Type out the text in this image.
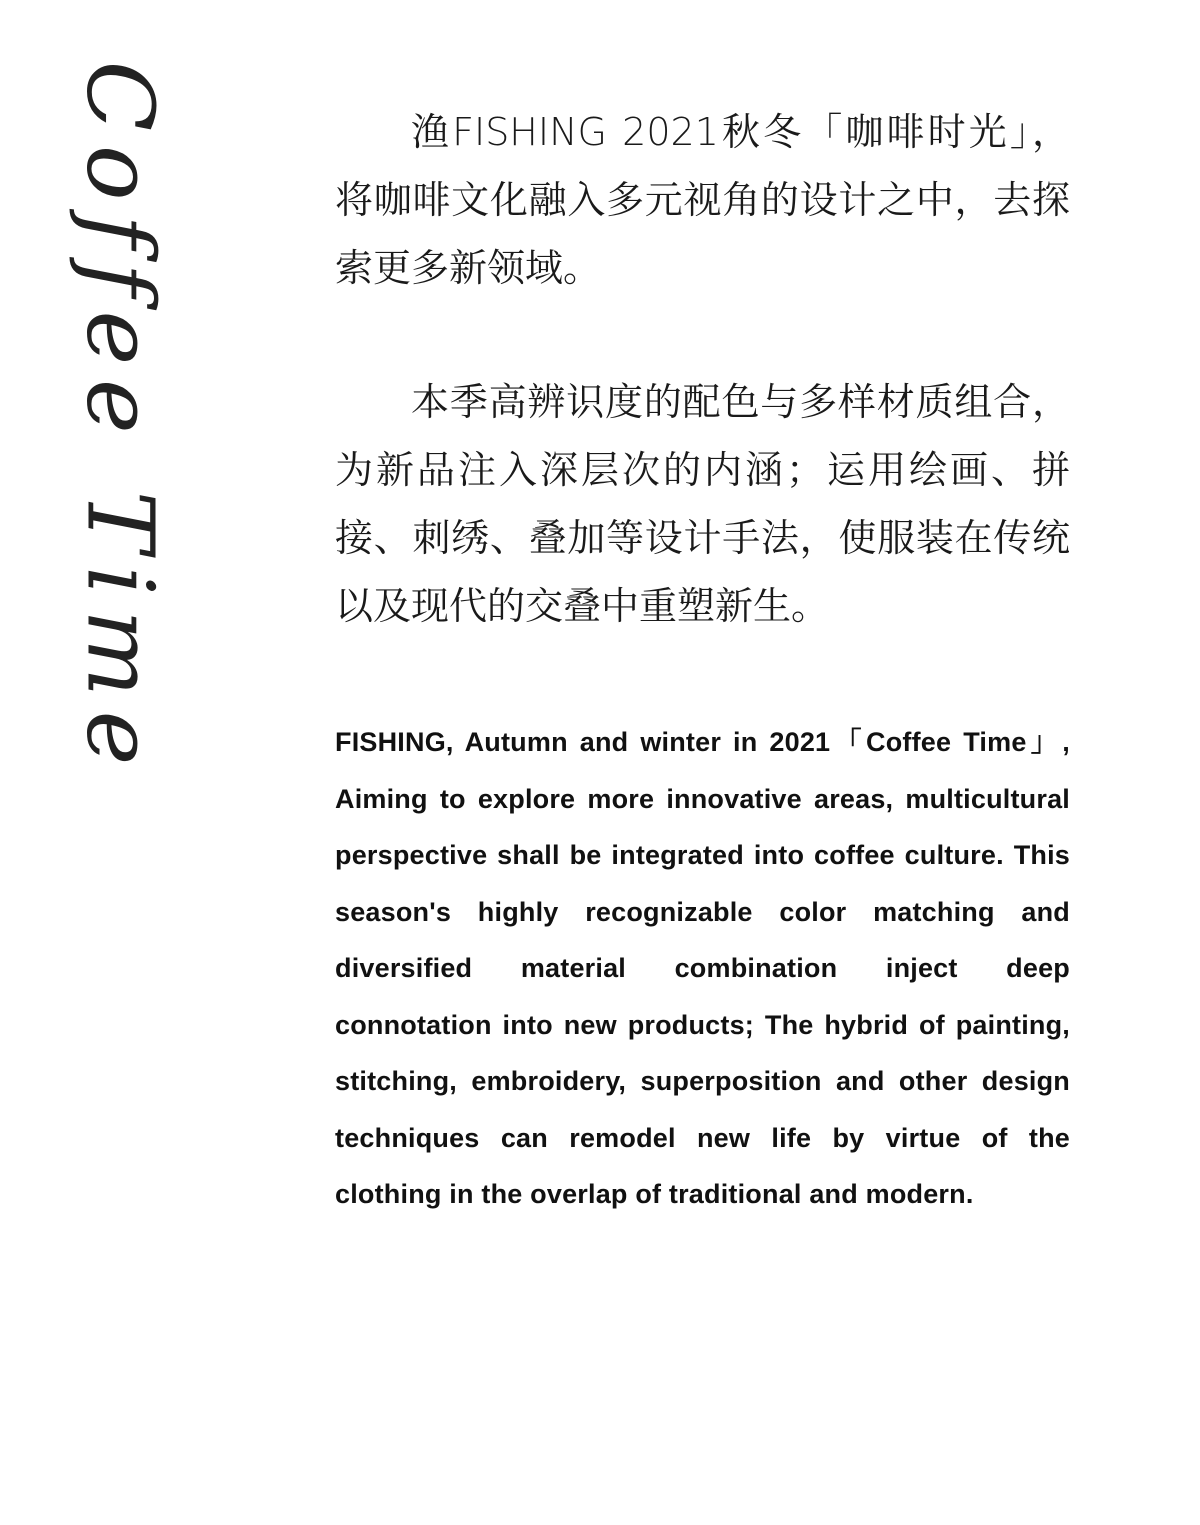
Coffee Time	渔FISHING 2021秋冬「咖啡时光」，将咖啡文化融入多元视角的设计之中，去探索更多新领域。

本季高辨识度的配色与多样材质组合，为新品注入深层次的内涵；运用绘画、拼接、刺绣、叠加等设计手法，使服装在传统以及现代的交叠中重塑新生。

FISHING, Autumn and winter in 2021「Coffee Time」, Aiming to explore more innovative areas, multicultural perspective shall be integrated into coffee culture. This season's highly recognizable color matching and diversified material combination inject deep connotation into new products; The hybrid of painting, stitching, embroidery, superposition and other design techniques can remodel new life by virtue of the clothing in the overlap of traditional and modern.
